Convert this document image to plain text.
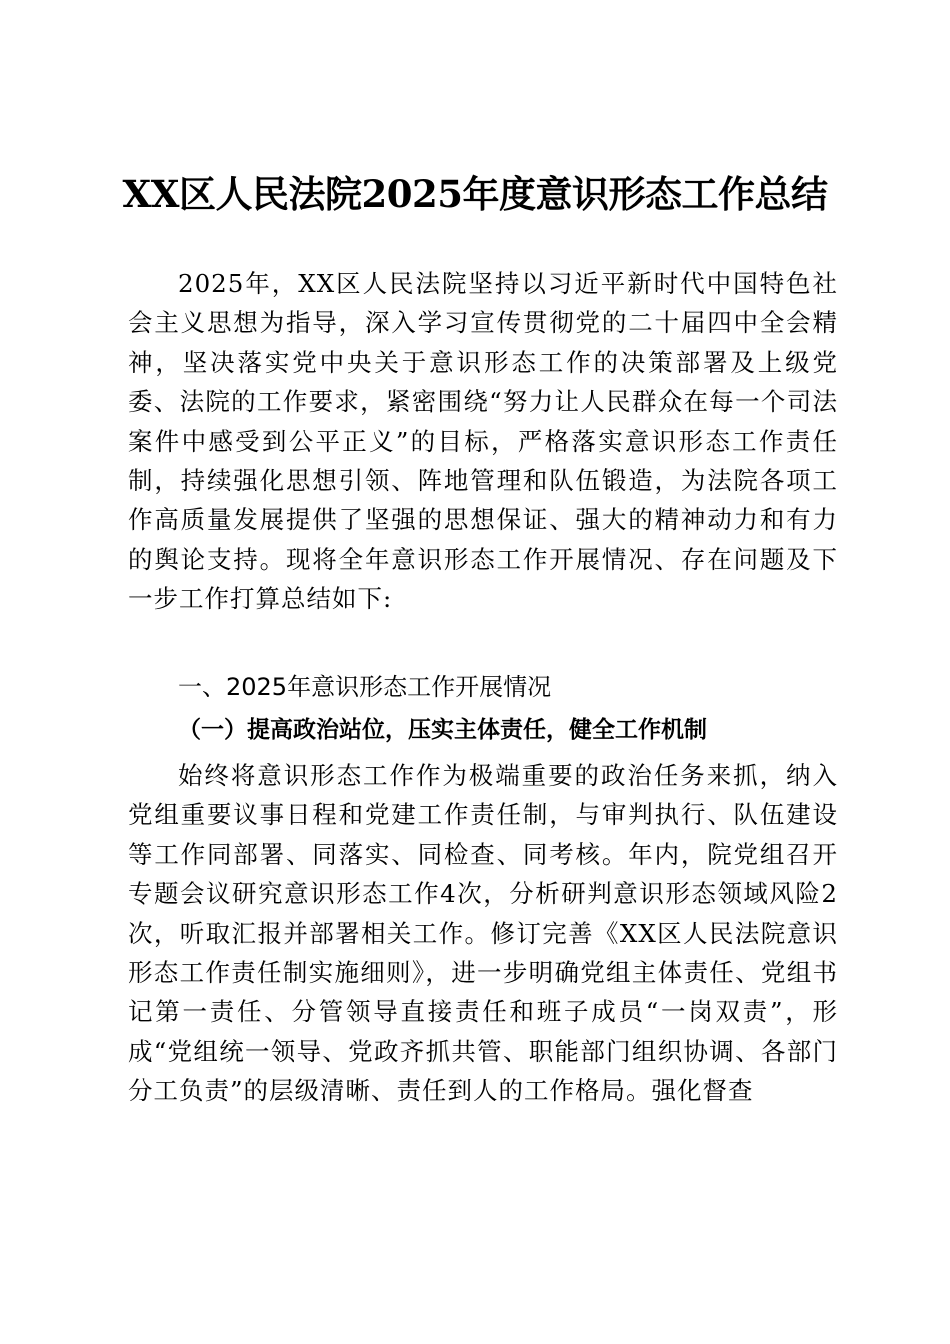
XX区人民法院2025年度意识形态工作总结

2025年，XX区人民法院坚持以习近平新时代中国特色社会主义思想为指导，深入学习宣传贯彻党的二十届四中全会精神，坚决落实党中央关于意识形态工作的决策部署及上级党委、法院的工作要求，紧密围绕“努力让人民群众在每一个司法案件中感受到公平正义”的目标，严格落实意识形态工作责任制，持续强化思想引领、阵地管理和队伍锻造，为法院各项工作高质量发展提供了坚强的思想保证、强大的精神动力和有力的舆论支持。现将全年意识形态工作开展情况、存在问题及下一步工作打算总结如下:

一、2025年意识形态工作开展情况
（一）提高政治站位，压实主体责任，健全工作机制

始终将意识形态工作作为极端重要的政治任务来抓，纳入党组重要议事日程和党建工作责任制，与审判执行、队伍建设等工作同部署、同落实、同检查、同考核。年内，院党组召开专题会议研究意识形态工作4次，分析研判意识形态领域风险2次，听取汇报并部署相关工作。修订完善《XX区人民法院意识形态工作责任制实施细则》，进一步明确党组主体责任、党组书记第一责任、分管领导直接责任和班子成员“一岗双责”，形成“党组统一领导、党政齐抓共管、职能部门组织协调、各部门分工负责”的层级清晰、责任到人的工作格局。强化督查
